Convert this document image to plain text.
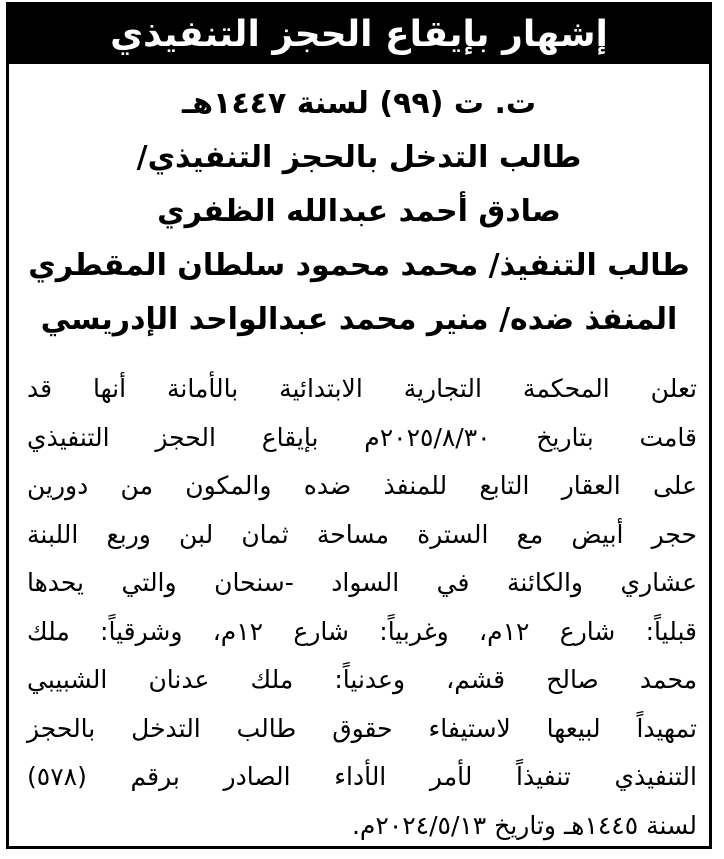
إشهار بإيقاع الحجز التنفيذي
ت. ت (٩٩) لسنة ١٤٤٧هـ
طالب التدخل بالحجز التنفيذي/
صادق أحمد عبدالله الظفري
طالب التنفيذ/ محمد محمود سلطان المقطري
المنفذ ضده/ منير محمد عبدالواحد الإدريسي
تعلن المحكمة التجارية الابتدائية بالأمانة أنها قد
قامت بتاريخ ٢٠٢٥/٨/٣٠م بإيقاع الحجز التنفيذي
على العقار التابع للمنفذ ضده والمكون من دورين
حجر أبيض مع السترة مساحة ثمان لبن وربع اللبنة
عشاري والكائنة في السواد -سنحان والتي يحدها
قبلياً: شارع ١٢م، وغربياً: شارع ١٢م، وشرقياً: ملك
محمد صالح قشم، وعدنياً: ملك عدنان الشبيبي
تمهيداً لبيعها لاستيفاء حقوق طالب التدخل بالحجز
التنفيذي تنفيذاً لأمر الأداء الصادر برقم (٥٧٨)
لسنة ١٤٤٥هـ وتاريخ ٢٠٢٤/٥/١٣م.
